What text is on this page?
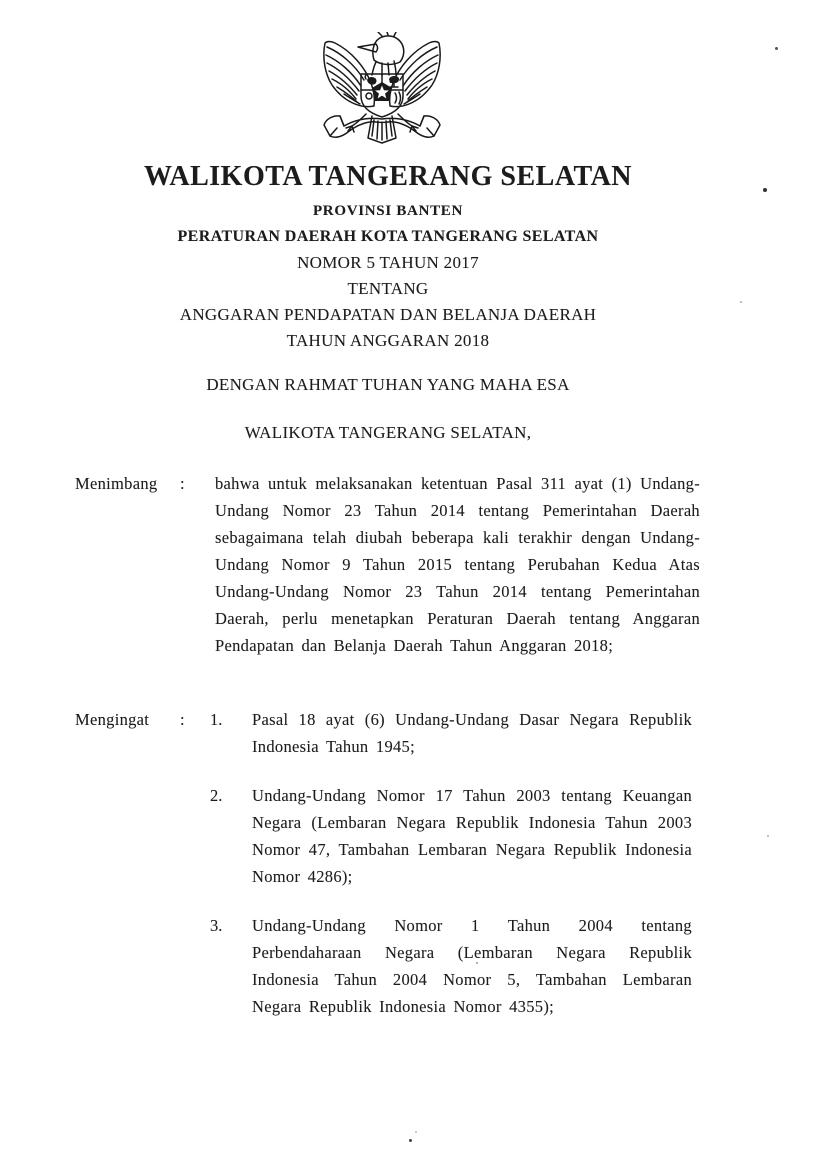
WALIKOTA TANGERANG SELATAN
PROVINSI BANTEN
PERATURAN DAERAH KOTA TANGERANG SELATAN
NOMOR 5 TAHUN 2017
TENTANG
ANGGARAN PENDAPATAN DAN BELANJA DAERAH
TAHUN ANGGARAN 2018
DENGAN RAHMAT TUHAN YANG MAHA ESA
WALIKOTA TANGERANG SELATAN,
Menimbang : bahwa untuk melaksanakan ketentuan Pasal 311 ayat (1) Undang-Undang Nomor 23 Tahun 2014 tentang Pemerintahan Daerah sebagaimana telah diubah beberapa kali terakhir dengan Undang-Undang Nomor 9 Tahun 2015 tentang Perubahan Kedua Atas Undang-Undang Nomor 23 Tahun 2014 tentang Pemerintahan Daerah, perlu menetapkan Peraturan Daerah tentang Anggaran Pendapatan dan Belanja Daerah Tahun Anggaran 2018;
Mengingat : 1.	Pasal 18 ayat (6) Undang-Undang Dasar Negara Republik Indonesia Tahun 1945;
2.	Undang-Undang Nomor 17 Tahun 2003 tentang Keuangan Negara (Lembaran Negara Republik Indonesia Tahun 2003 Nomor 47, Tambahan Lembaran Negara Republik Indonesia Nomor 4286);
3.	Undang-Undang Nomor 1 Tahun 2004 tentang Perbendaharaan Negara (Lembaran Negara Republik Indonesia Tahun 2004 Nomor 5, Tambahan Lembaran Negara Republik Indonesia Nomor 4355);
